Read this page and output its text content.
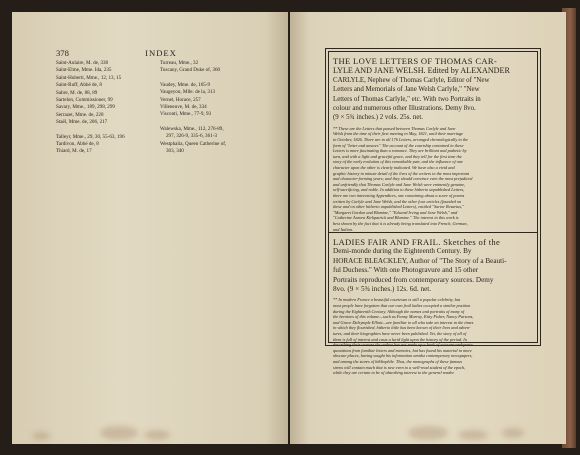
378	INDEX
Saint-Aulaire, M. de, 338
Saint-Elme, Mme. Ida, 235
Saint-Huberti, Mme., 12, 13, 15
Saint-Ruff, Abbé de, 8
Sabre, M. de, 88, 89
Sartelon, Commissioner, 99
Savary, Mme., 189, 298, 299
Serrazet, Mme. de, 228
Staël, Mme. de, 206, 217
Talleyr, Mme., 29, 30, 55-63, 196
Tardivon, Abbé de, 8
Thiard, M. de, 17
Turreau, Mme., 32
Tuscany, Grand Duke of, 360
Vaudey, Mme. de, 165-9
Vaugeyon, Mlle. de la, 313
Vernet, Horace, 257
Villeneuve, M. de, 334
Visconti, Mme., 77-9, 93
Walewska, Mme., 112, 276-89,
297, 326-9, 335-6, 361-3
Westphalia, Queen Catherine of,
303, 340
THE LOVE LETTERS OF THOMAS CAR-
LYLE AND JANE WELSH. Edited by ALEXANDER
CARLYLE, Nephew of Thomas Carlyle, Editor of "New
Letters and Memorials of Jane Welsh Carlyle," "New
Letters of Thomas Carlyle," etc. With two Portraits in
colour and numerous other Illustrations. Demy 8vo.
(9 × 5¾ inches.) 2 vols. 25s. net.
** These are the Letters that passed between Thomas Carlyle and Jane
Welsh from the time of their first meeting in May, 1821, until their marriage
in October, 1826. There are in all 176 Letters, arranged chronologically in the
form of "letter and answer." The account of the courtship contained in these
Letters is more fascinating than a romance. They are brilliant and pathetic by
turn, and with a light and graceful grace, and they tell for the first time the
story of the early evolution of this remarkable pair, and the influence of one
character upon the other is clearly indicated. We have also a vivid and
graphic history in minute detail of the lives of the writers in the most important
and character-forming years; and they should convince even the most prejudiced
and unfriendly that Thomas Carlyle and Jane Welsh were eminently genuine,
self-sacrificing, and noble. In addition to these hitherto unpublished Letters,
there are two interesting Appendices, one containing about a score of poems
written by Carlyle and Jane Welsh, and the other four articles (founded on
these and on other hitherto unpublished Letters), entitled "Sartor Resartus,"
"Margaret Gordon and Blumine," "Edward Irving and Jane Welsh," and
"Catherine Aurora Kirkpatrick and Blumine." The interest in this work is
best shown by the fact that it is already being translated into French, German,
and Italian.
LADIES FAIR AND FRAIL. Sketches of the
Demi-monde during the Eighteenth Century. By
HORACE BLEACKLEY, Author of "The Story of a Beauti-
ful Duchess." With one Photogravure and 15 other
Portraits reproduced from contemporary sources. Demy
8vo. (9 × 5¾ inches.) 12s. 6d. net.
** In modern France a beautiful courtesan is still a popular celebrity, but
most people have forgotten that our own frail ladies occupied a similar position
during the Eighteenth Century. Although the names and portraits of many of
the heroines of this volume—such as Fanny Murray, Kitty Fisher, Nancy Parsons,
and Grace Dalrymple Elliott—are familiar to all who take an interest in the times
in which they flourished, hitherto little has been known of their lives and adven-
tures, and their biographies have never been published. Yet, the story of all of
them is full of interest and casts a lurid light upon the history of the period. In
describing their careers the author has not made up a book of scissors-and-paste
quotations from familiar letters and memoirs, but has found his material in more
obscure places, having sought his information amidst contemporary newspapers,
and among the stores of bibliophile. Thus, the monographs of these famous
sirens will contain much that is new even to a well-read student of the epoch,
while they are certain to be of absorbing interest to the general reader.
